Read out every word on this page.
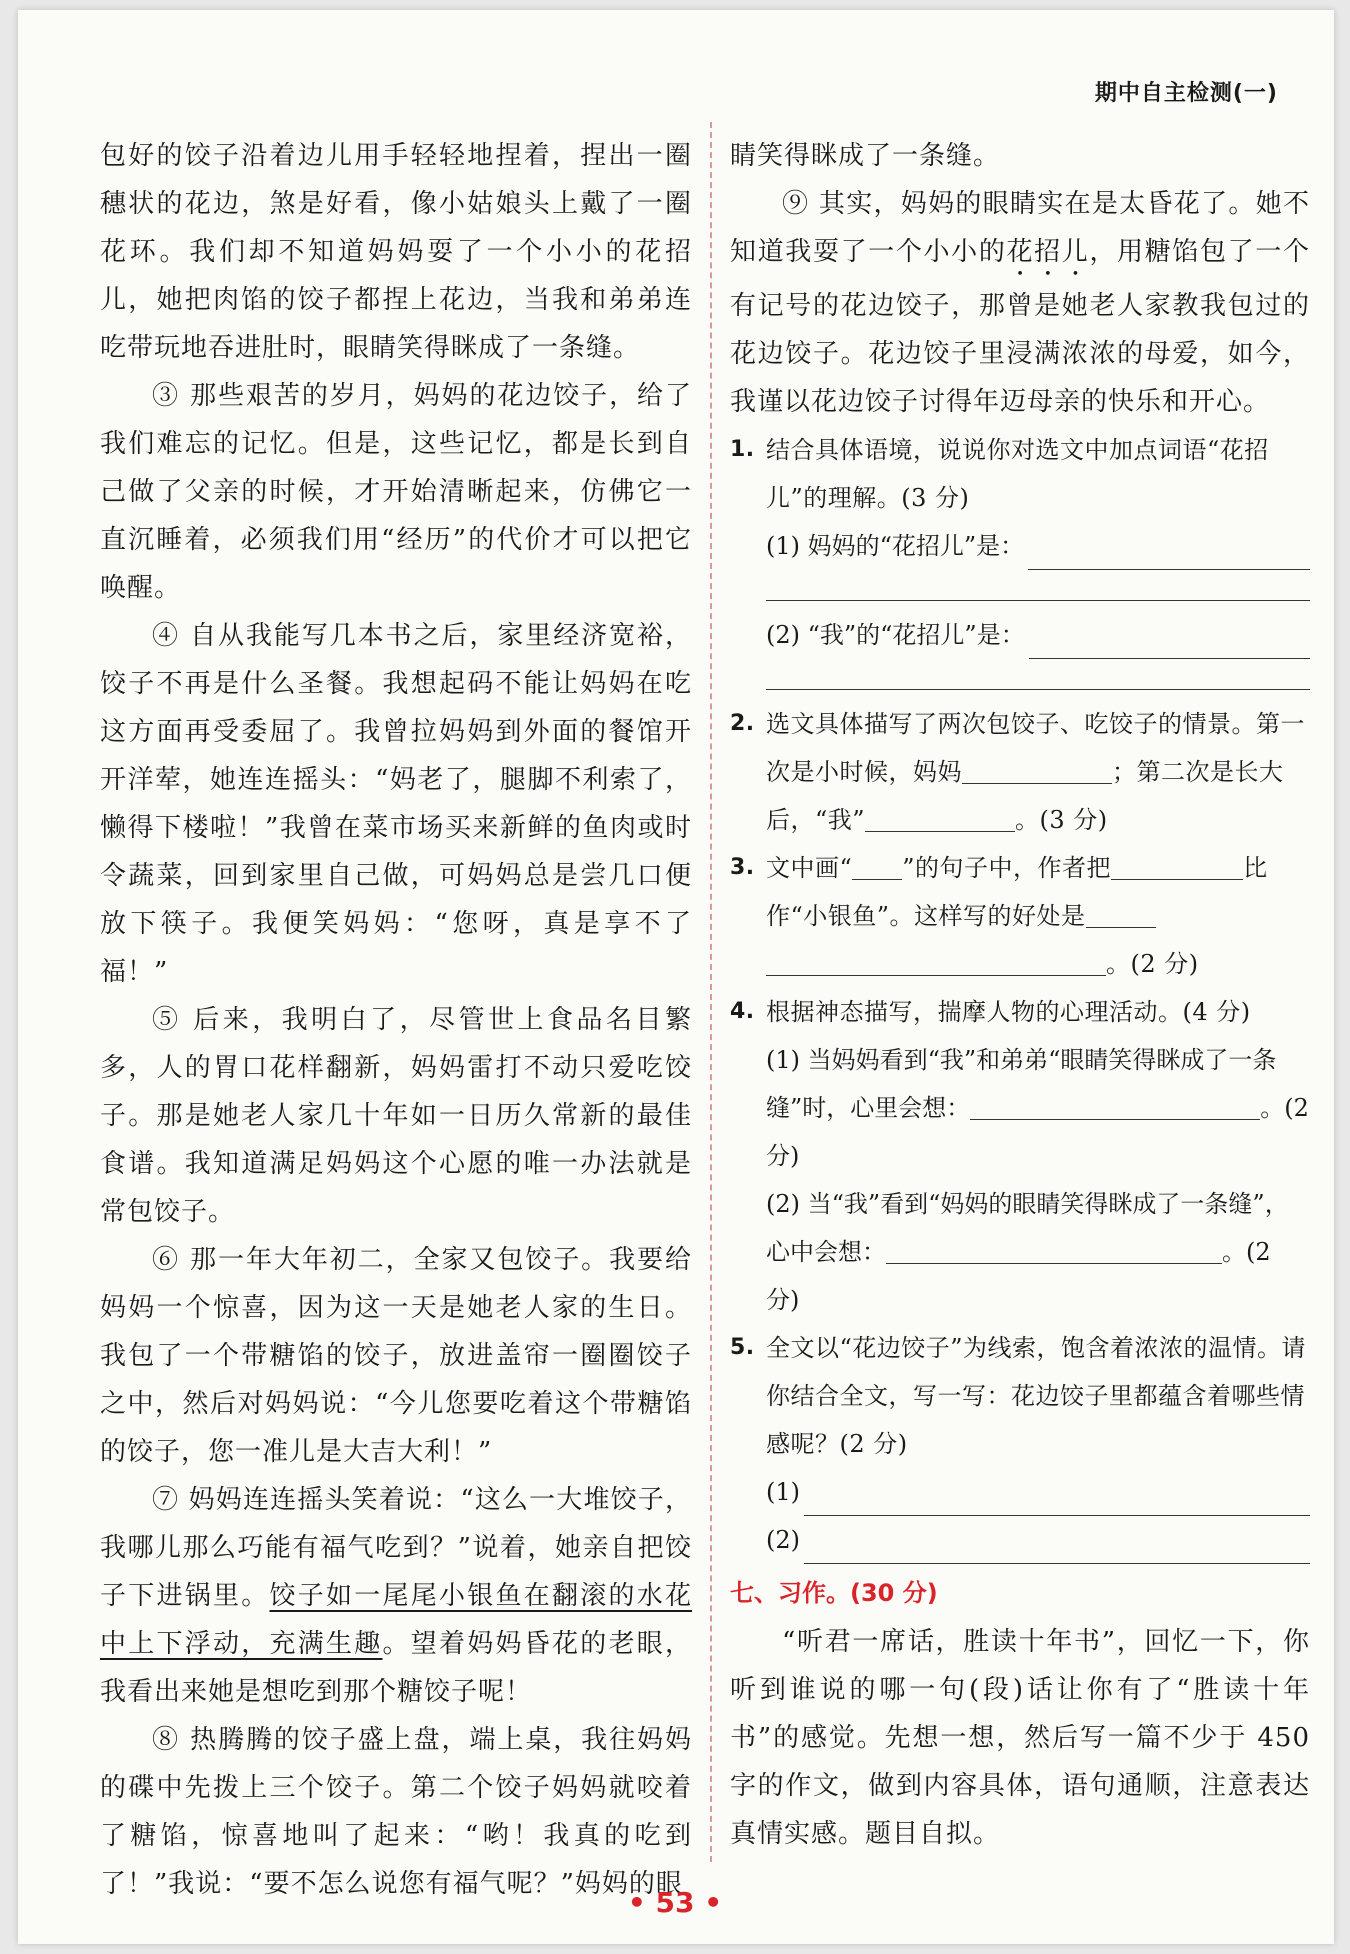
期中自主检测(一)

包好的饺子沿着边儿用手轻轻地捏着，捏出一圈穗状的花边，煞是好看，像小姑娘头上戴了一圈花环。我们却不知道妈妈耍了一个小小的花招儿，她把肉馅的饺子都捏上花边，当我和弟弟连吃带玩地吞进肚时，眼睛笑得眯成了一条缝。

③ 那些艰苦的岁月，妈妈的花边饺子，给了我们难忘的记忆。但是，这些记忆，都是长到自己做了父亲的时候，才开始清晰起来，仿佛它一直沉睡着，必须我们用“经历”的代价才可以把它唤醒。

④ 自从我能写几本书之后，家里经济宽裕，饺子不再是什么圣餐。我想起码不能让妈妈在吃这方面再受委屈了。我曾拉妈妈到外面的餐馆开开洋荤，她连连摇头：“妈老了，腿脚不利索了，懒得下楼啦！”我曾在菜市场买来新鲜的鱼肉或时令蔬菜，回到家里自己做，可妈妈总是尝几口便放下筷子。我便笑妈妈：“您呀，真是享不了福！”

⑤ 后来，我明白了，尽管世上食品名目繁多，人的胃口花样翻新，妈妈雷打不动只爱吃饺子。那是她老人家几十年如一日历久常新的最佳食谱。我知道满足妈妈这个心愿的唯一办法就是常包饺子。

⑥ 那一年大年初二，全家又包饺子。我要给妈妈一个惊喜，因为这一天是她老人家的生日。我包了一个带糖馅的饺子，放进盖帘一圈圈饺子之中，然后对妈妈说：“今儿您要吃着这个带糖馅的饺子，您一准儿是大吉大利！”

⑦ 妈妈连连摇头笑着说：“这么一大堆饺子，我哪儿那么巧能有福气吃到？”说着，她亲自把饺子下进锅里。饺子如一尾尾小银鱼在翻滚的水花中上下浮动，充满生趣。望着妈妈昏花的老眼，我看出来她是想吃到那个糖饺子呢！

⑧ 热腾腾的饺子盛上盘，端上桌，我往妈妈的碟中先拨上三个饺子。第二个饺子妈妈就咬着了糖馅，惊喜地叫了起来：“哟！我真的吃到了！”我说：“要不怎么说您有福气呢？”妈妈的眼

睛笑得眯成了一条缝。

⑨ 其实，妈妈的眼睛实在是太昏花了。她不知道我耍了一个小小的花招儿，用糖馅包了一个有记号的花边饺子，那曾是她老人家教我包过的花边饺子。花边饺子里浸满浓浓的母爱，如今，我谨以花边饺子讨得年迈母亲的快乐和开心。

1. 结合具体语境，说说你对选文中加点词语“花招儿”的理解。(3 分)
(1) 妈妈的“花招儿”是：
(2) “我”的“花招儿”是：
2. 选文具体描写了两次包饺子、吃饺子的情景。第一次是小时候，妈妈	；第二次是长大后，“我”	。(3 分)
3. 文中画“ ”的句子中，作者把	比作“小银鱼”。这样写的好处是。(2 分)
4. 根据神态描写，揣摩人物的心理活动。(4 分)
(1) 当妈妈看到“我”和弟弟“眼睛笑得眯成了一条缝”时，心里会想：	。(2 分)
(2) 当“我”看到“妈妈的眼睛笑得眯成了一条缝”，心中会想：	。(2 分)
5. 全文以“花边饺子”为线索，饱含着浓浓的温情。请你结合全文，写一写：花边饺子里都蕴含着哪些情感呢？(2 分)
(1)
(2)
七、习作。(30 分)

“听君一席话，胜读十年书”，回忆一下，你听到谁说的哪一句(段)话让你有了“胜读十年书”的感觉。先想一想，然后写一篇不少于 450 字的作文，做到内容具体，语句通顺，注意表达真情实感。题目自拟。

• 53 •
